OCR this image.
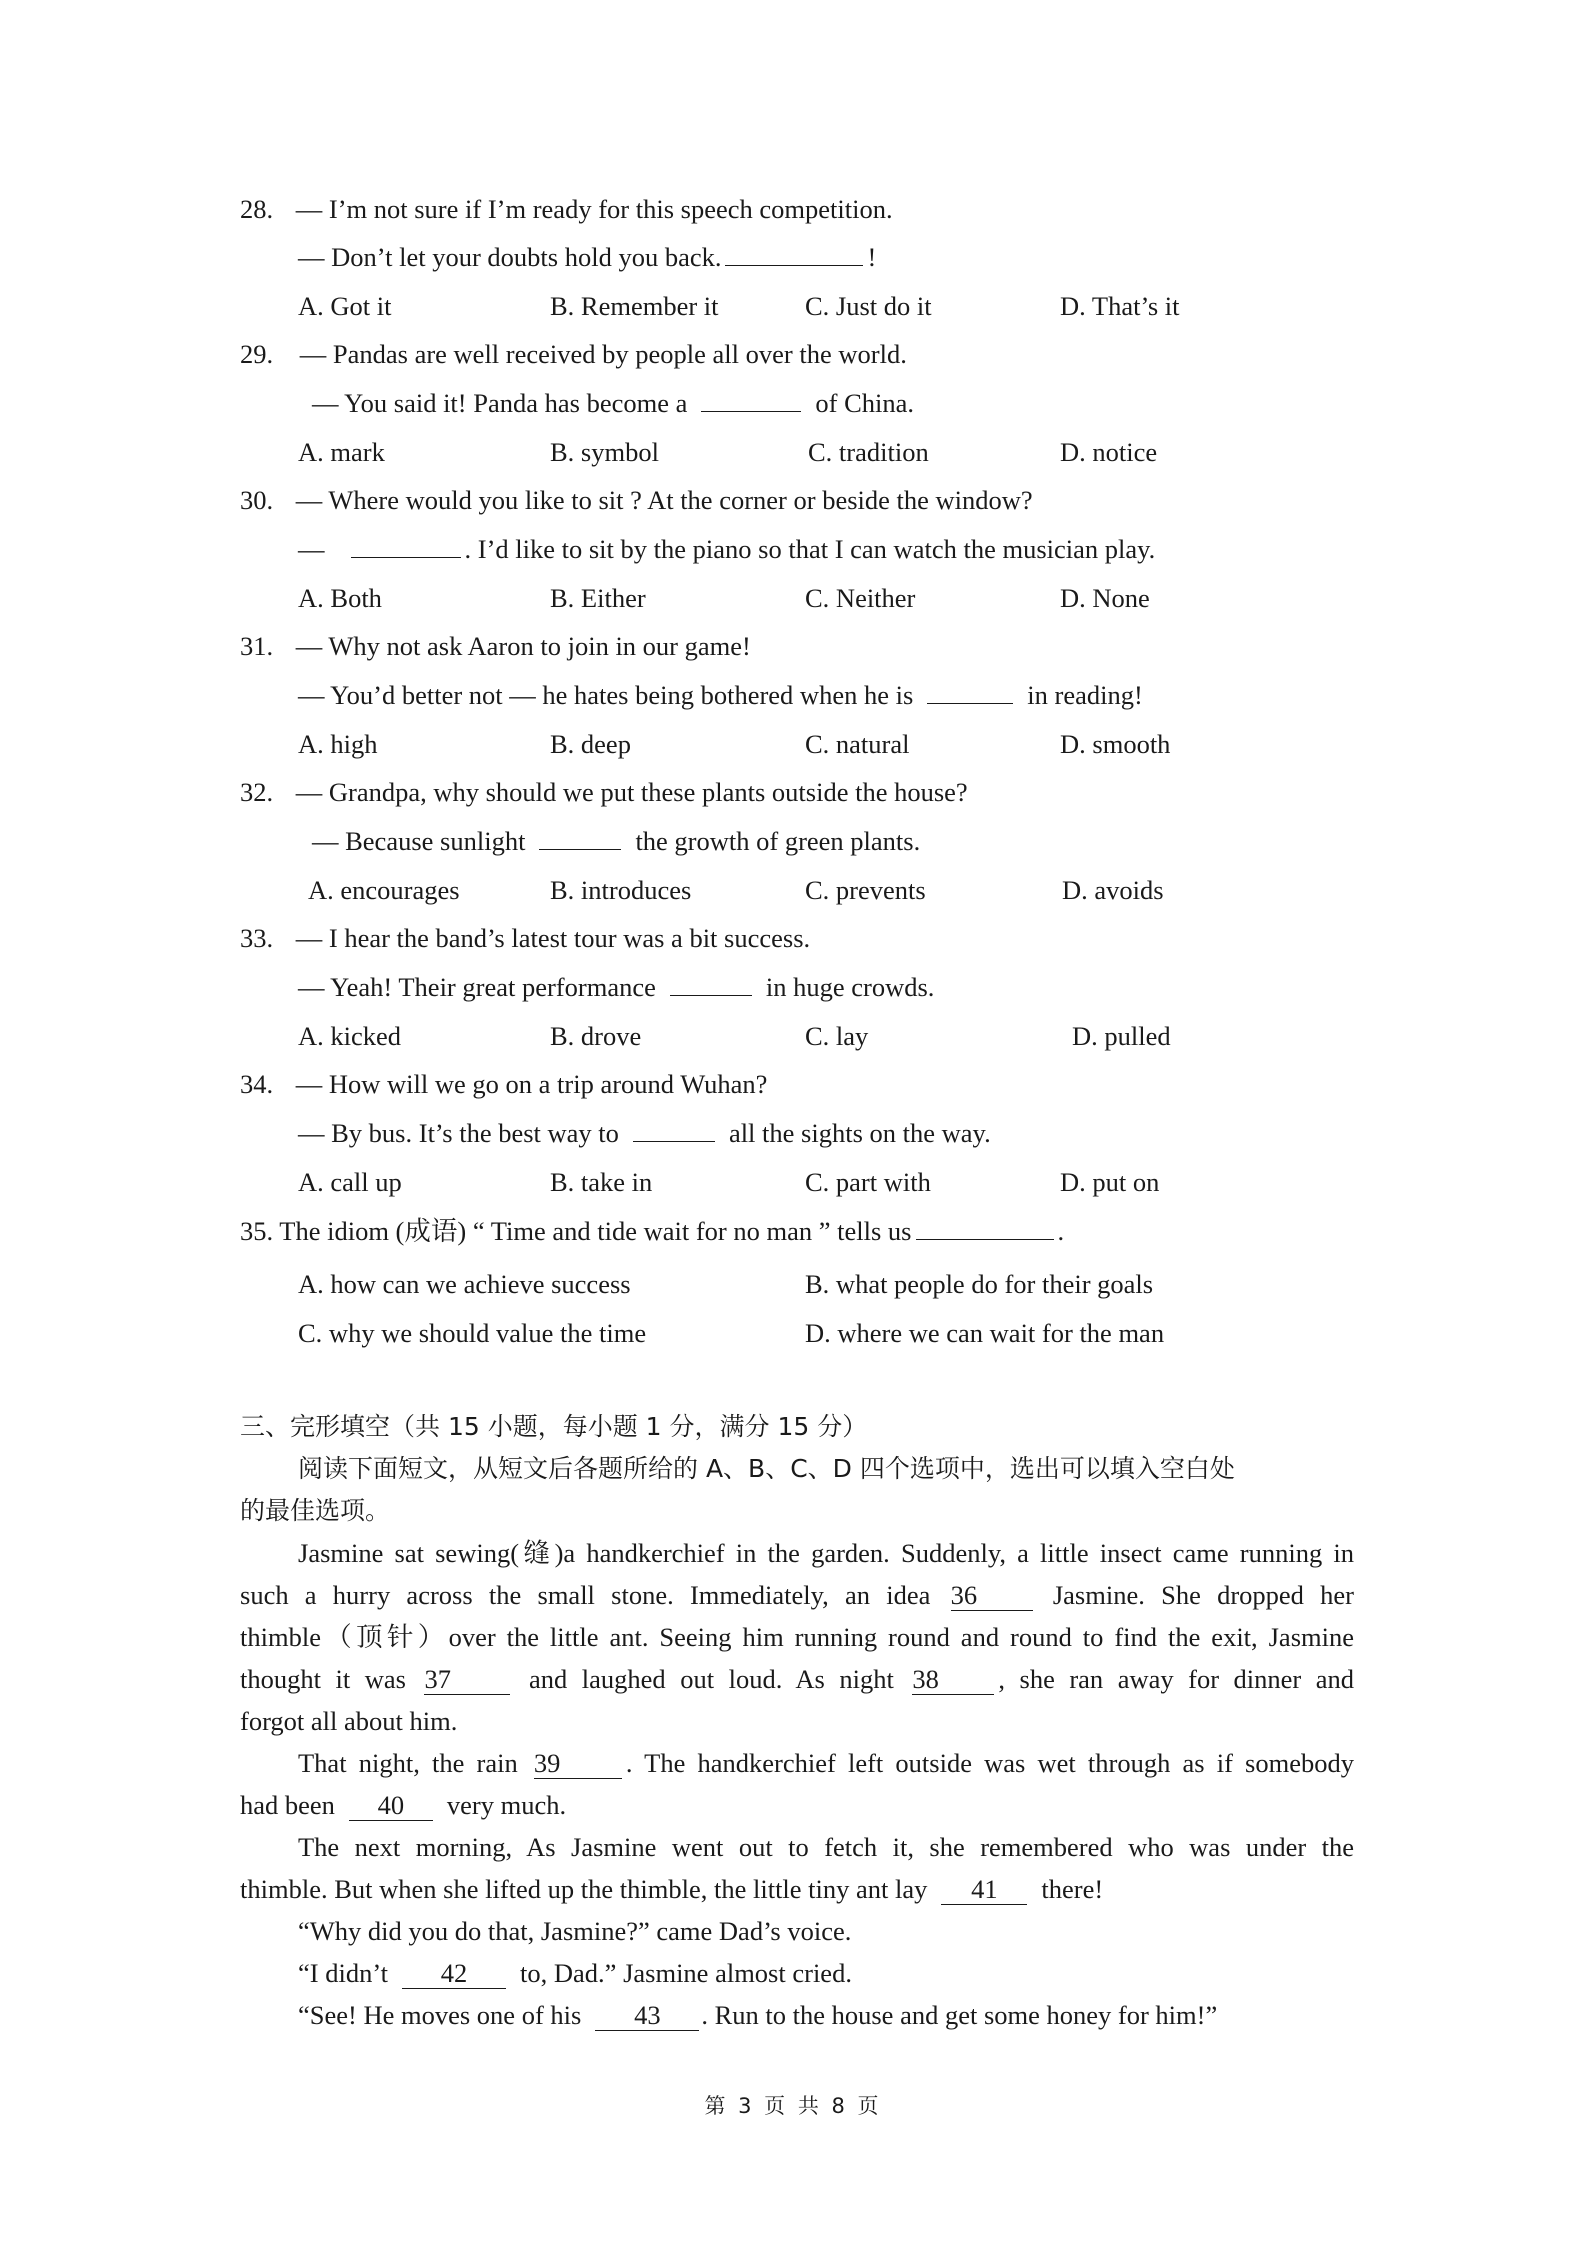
28. — I’m not sure if I’m ready for this speech competition.
— Don’t let your doubts hold you back.	!
A. Got it	B. Remember it	C. Just do it	D. That’s it
29. — Pandas are well received by people all over the world.
— You said it! Panda has become a	of China.
A. mark	B. symbol	C. tradition	D. notice
30. — Where would you like to sit ? At the corner or beside the window?
—	. I’d like to sit by the piano so that I can watch the musician play.
A. Both	B. Either	C. Neither	D. None
31. — Why not ask Aaron to join in our game!
— You’d better not — he hates being bothered when he is	in reading!
A. high	B. deep	C. natural	D. smooth
32. — Grandpa, why should we put these plants outside the house?
— Because sunlight	the growth of green plants.
A. encourages	B. introduces	C. prevents	D. avoids
33. — I hear the band’s latest tour was a bit success.
— Yeah! Their great performance	in huge crowds.
A. kicked	B. drove	C. lay	D. pulled
34. — How will we go on a trip around Wuhan?
— By bus. It’s the best way to	all the sights on the way.
A. call up	B. take in	C. part with	D. put on
35. The idiom (成语) “ Time and tide wait for no man ” tells us	.
A. how can we achieve success	B. what people do for their goals
C. why we should value the time	D. where we can wait for the man
三、完形填空（共 15 小题，每小题 1 分，满分 15 分）
阅读下面短文，从短文后各题所给的 A、B、C、D 四个选项中，选出可以填入空白处
的最佳选项。
Jasmine sat sewing(缝)a handkerchief in the garden. Suddenly, a little insect came running in
such a hurry across the small stone. Immediately, an idea 36	Jasmine. She dropped her
thimble（顶针）over the little ant. Seeing him running round and round to find the exit, Jasmine
thought it was 37	and laughed out loud. As night 38 , she ran away for dinner and
forgot all about him.
That night, the rain 39 . The handkerchief left outside was wet through as if somebody
had been 40 very much.
The next morning, As Jasmine went out to fetch it, she remembered who was under the
thimble. But when she lifted up the thimble, the little tiny ant lay 41 there!
“Why did you do that, Jasmine?” came Dad’s voice.
“I didn’t 42 to, Dad.” Jasmine almost cried.
“See! He moves one of his 43 . Run to the house and get some honey for him!”
第 3 页 共 8 页
